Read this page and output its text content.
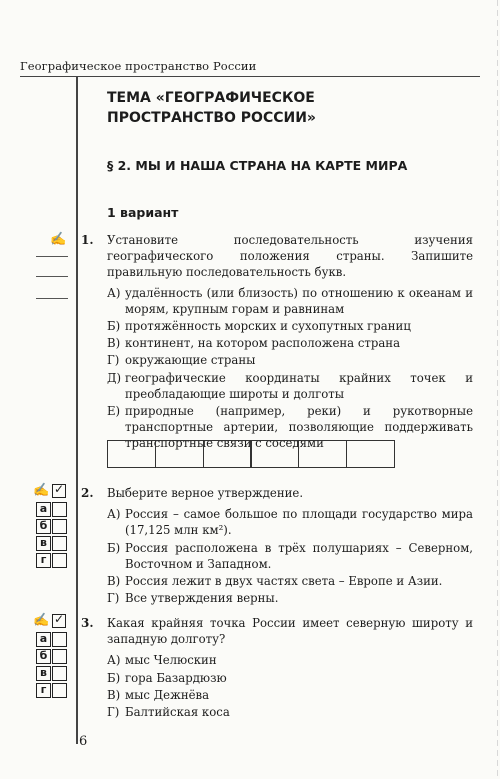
Географическое пространство России
ТЕМА «ГЕОГРАФИЧЕСКОЕ ПРОСТРАНСТВО РОССИИ»
§ 2. МЫ И НАША СТРАНА НА КАРТЕ МИРА
1 вариант
✍ 1. Установите последовательность изучения географического положения страны. Запишите правильную последовательность букв.
А) удалённость (или близость) по отношению к океанам и морям, крупным горам и равнинам
Б) протяжённость морских и сухопутных границ
В) континент, на котором расположена страна
Г) окружающие страны
Д) географические координаты крайних точек и преобладающие широты и долготы
Е) природные (например, реки) и рукотворные транспортные артерии, позволяющие поддерживать транспортные связи с соседями
✍ ✓
а
б
в
г
2. Выберите верное утверждение.
А) Россия – самое большое по площади государство мира (17,125 млн км²).
Б) Россия расположена в трёх полушариях – Северном, Восточном и Западном.
В) Россия лежит в двух частях света – Европе и Азии.
Г) Все утверждения верны.
✍ ✓
а
б
в
г
3. Какая крайняя точка России имеет северную широту и западную долготу?
А) мыс Челюскин
Б) гора Базардюзю
В) мыс Дежнёва
Г) Балтийская коса
6
